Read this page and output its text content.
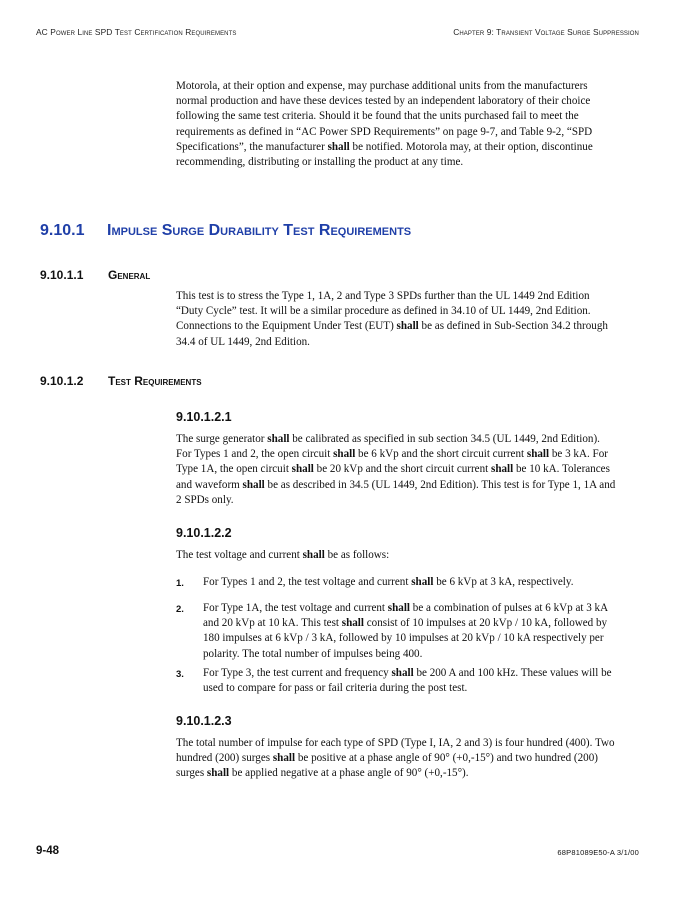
AC Power Line SPD Test Certification Requirements	Chapter 9: Transient Voltage Surge Suppression

Motorola, at their option and expense, may purchase additional units from the manufacturers normal production and have these devices tested by an independent laboratory of their choice following the same test criteria. Should it be found that the units purchased fail to meet the requirements as defined in “AC Power SPD Requirements” on page 9-7, and Table 9-2, “SPD Specifications”, the manufacturer shall be notified. Motorola may, at their option, discontinue recommending, distributing or installing the product at any time.

9.10.1 Impulse Surge Durability Test Requirements
9.10.1.1 General

This test is to stress the Type 1, 1A, 2 and Type 3 SPDs further than the UL 1449 2nd Edition “Duty Cycle” test. It will be a similar procedure as defined in 34.10 of UL 1449, 2nd Edition. Connections to the Equipment Under Test (EUT) shall be as defined in Sub-Section 34.2 through 34.4 of UL 1449, 2nd Edition.

9.10.1.2 Test Requirements
9.10.1.2.1

The surge generator shall be calibrated as specified in sub section 34.5 (UL 1449, 2nd Edition). For Types 1 and 2, the open circuit shall be 6 kVp and the short circuit current shall be 3 kA. For Type 1A, the open circuit shall be 20 kVp and the short circuit current shall be 10 kA. Tolerances and waveform shall be as described in 34.5 (UL 1449, 2nd Edition). This test is for Type 1, 1A and 2 SPDs only.

9.10.1.2.2

The test voltage and current shall be as follows:

1. For Types 1 and 2, the test voltage and current shall be 6 kVp at 3 kA, respectively.

2. For Type 1A, the test voltage and current shall be a combination of pulses at 6 kVp at 3 kA and 20 kVp at 10 kA. This test shall consist of 10 impulses at 20 kVp / 10 kA, followed by 180 impulses at 6 kVp / 3 kA, followed by 10 impulses at 20 kVp / 10 kA respectively per polarity. The total number of impulses being 400.

3. For Type 3, the test current and frequency shall be 200 A and 100 kHz. These values will be used to compare for pass or fail criteria during the post test.

9.10.1.2.3

The total number of impulse for each type of SPD (Type I, IA, 2 and 3) is four hundred (400). Two hundred (200) surges shall be positive at a phase angle of 90° (+0,-15°) and two hundred (200) surges shall be applied negative at a phase angle of 90° (+0,-15°).

9-48	68P81089E50-A 3/1/00
